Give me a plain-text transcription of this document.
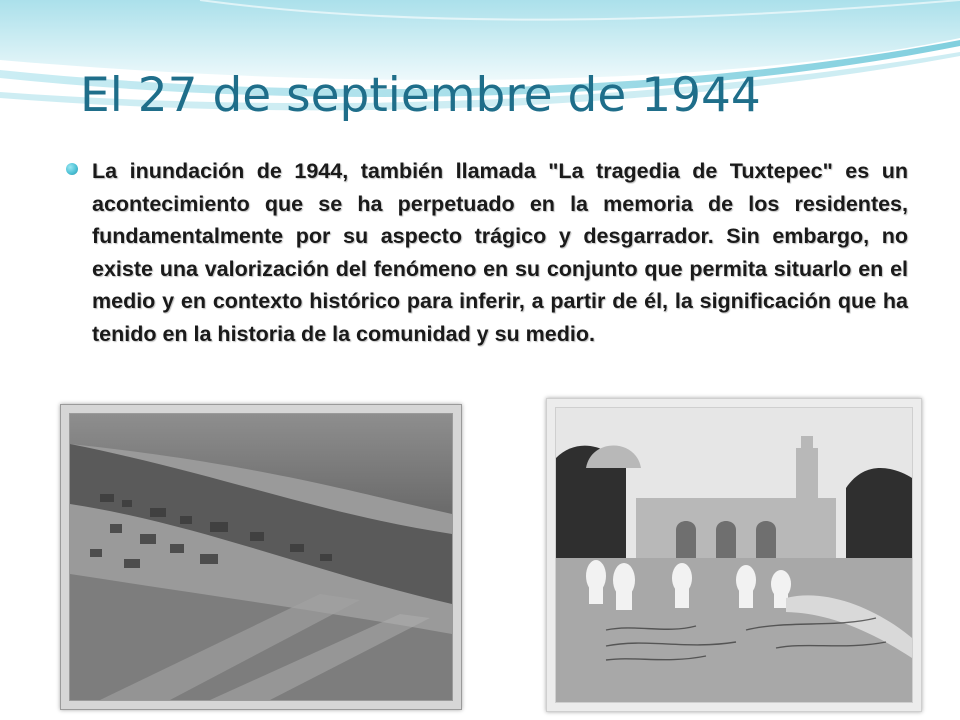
El 27 de septiembre de 1944

La inundación de 1944, también llamada "La tragedia de Tuxtepec" es un acontecimiento que se ha perpetuado en la memoria de los residentes, fundamentalmente por su aspecto trágico y desgarrador. Sin embargo, no existe una valorización del fenómeno en su conjunto que permita situarlo en el medio y en contexto histórico para inferir, a partir de él, la significación que ha tenido en la historia de la comunidad y su medio.
